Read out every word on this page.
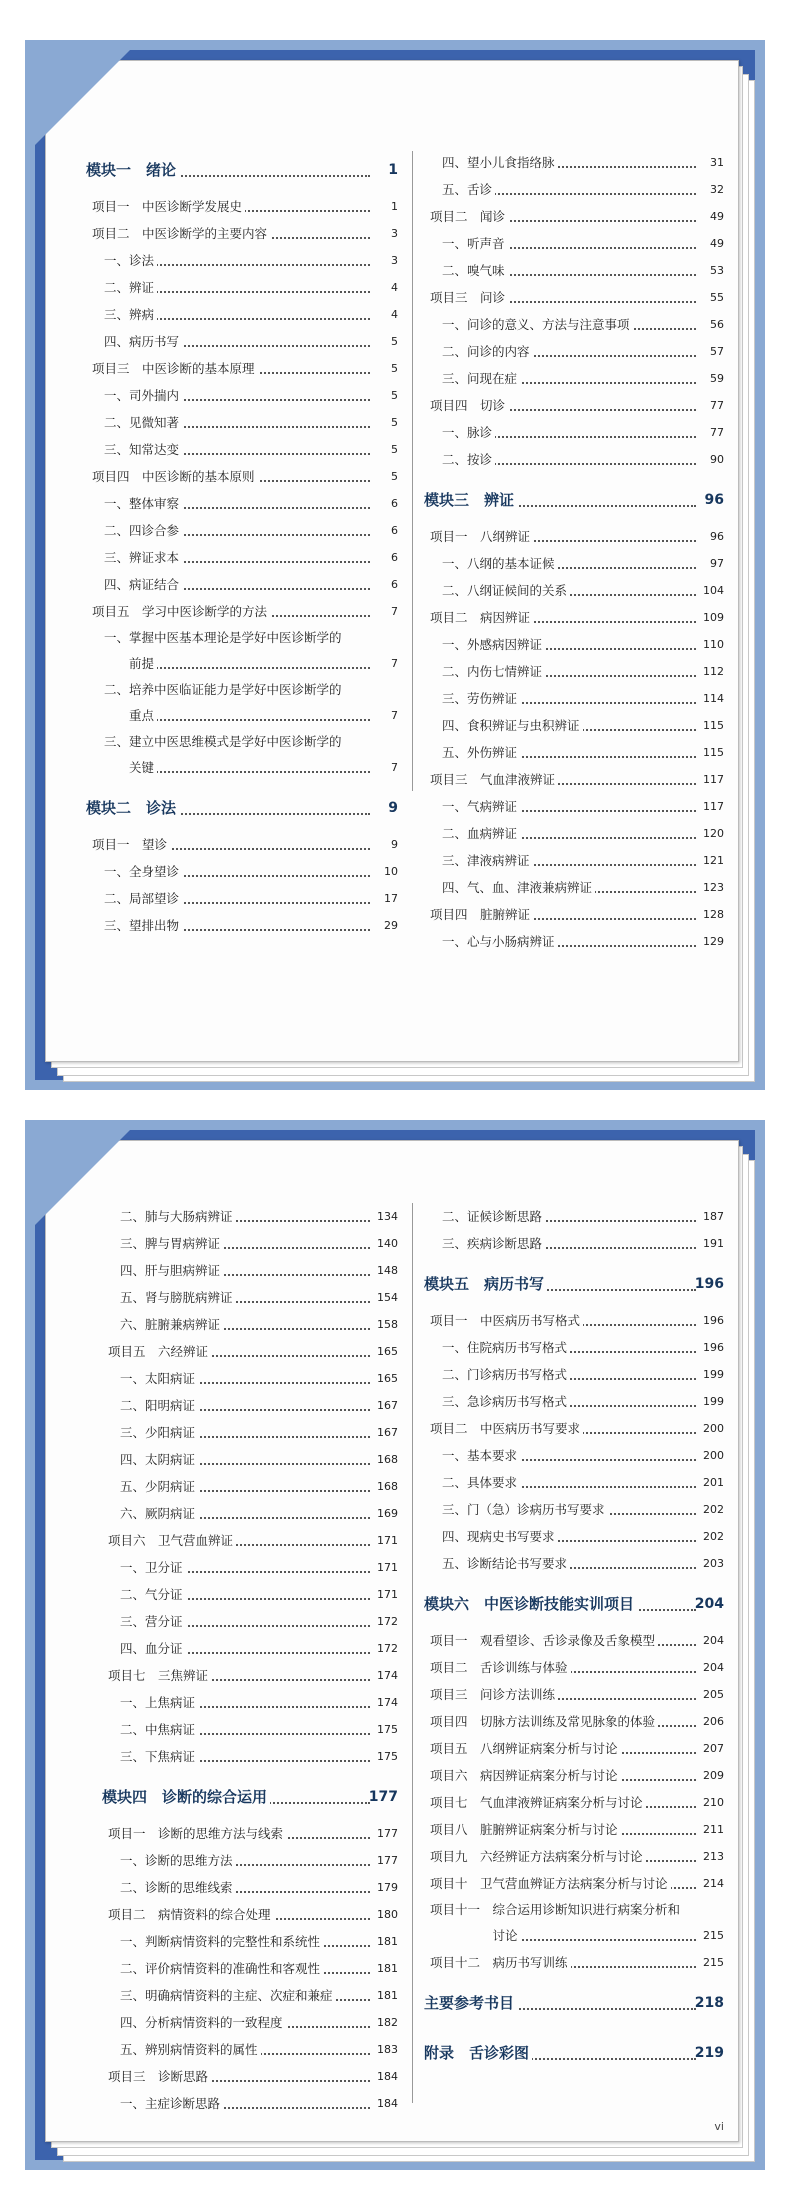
模块一　绪论	1
项目一　中医诊断学发展史	1
项目二　中医诊断学的主要内容	3
一、诊法	3
二、辨证	4
三、辨病	4
四、病历书写	5
项目三　中医诊断的基本原理	5
一、司外揣内	5
二、见微知著	5
三、知常达变	5
项目四　中医诊断的基本原则	5
一、整体审察	6
二、四诊合参	6
三、辨证求本	6
四、病证结合	6
项目五　学习中医诊断学的方法	7
一、掌握中医基本理论是学好中医诊断学的
　　前提	7
二、培养中医临证能力是学好中医诊断学的
　　重点	7
三、建立中医思维模式是学好中医诊断学的
　　关键	7
模块二　诊法	9
项目一　望诊	9
一、全身望诊	10
二、局部望诊	17
三、望排出物	29
四、望小儿食指络脉	31
五、舌诊	32
项目二　闻诊	49
一、听声音	49
二、嗅气味	53
项目三　问诊	55
一、问诊的意义、方法与注意事项	56
二、问诊的内容	57
三、问现在症	59
项目四　切诊	77
一、脉诊	77
二、按诊	90
模块三　辨证	96
项目一　八纲辨证	96
一、八纲的基本证候	97
二、八纲证候间的关系	104
项目二　病因辨证	109
一、外感病因辨证	110
二、内伤七情辨证	112
三、劳伤辨证	114
四、食积辨证与虫积辨证	115
五、外伤辨证	115
项目三　气血津液辨证	117
一、气病辨证	117
二、血病辨证	120
三、津液病辨证	121
四、气、血、津液兼病辨证	123
项目四　脏腑辨证	128
一、心与小肠病辨证	129
二、肺与大肠病辨证	134
三、脾与胃病辨证	140
四、肝与胆病辨证	148
五、肾与膀胱病辨证	154
六、脏腑兼病辨证	158
项目五　六经辨证	165
一、太阳病证	165
二、阳明病证	167
三、少阳病证	167
四、太阴病证	168
五、少阴病证	168
六、厥阴病证	169
项目六　卫气营血辨证	171
一、卫分证	171
二、气分证	171
三、营分证	172
四、血分证	172
项目七　三焦辨证	174
一、上焦病证	174
二、中焦病证	175
三、下焦病证	175
模块四　诊断的综合运用	177
项目一　诊断的思维方法与线索	177
一、诊断的思维方法	177
二、诊断的思维线索	179
项目二　病情资料的综合处理	180
一、判断病情资料的完整性和系统性	181
二、评价病情资料的准确性和客观性	181
三、明确病情资料的主症、次症和兼症	181
四、分析病情资料的一致程度	182
五、辨别病情资料的属性	183
项目三　诊断思路	184
一、主症诊断思路	184
二、证候诊断思路	187
三、疾病诊断思路	191
模块五　病历书写	196
项目一　中医病历书写格式	196
一、住院病历书写格式	196
二、门诊病历书写格式	199
三、急诊病历书写格式	199
项目二　中医病历书写要求	200
一、基本要求	200
二、具体要求	201
三、门（急）诊病历书写要求	202
四、现病史书写要求	202
五、诊断结论书写要求	203
模块六　中医诊断技能实训项目	204
项目一　观看望诊、舌诊录像及舌象模型	204
项目二　舌诊训练与体验	204
项目三　问诊方法训练	205
项目四　切脉方法训练及常见脉象的体验	206
项目五　八纲辨证病案分析与讨论	207
项目六　病因辨证病案分析与讨论	209
项目七　气血津液辨证病案分析与讨论	210
项目八　脏腑辨证病案分析与讨论	211
项目九　六经辨证方法病案分析与讨论	213
项目十　卫气营血辨证方法病案分析与讨论	214
项目十一　综合运用诊断知识进行病案分析和
　　　　　讨论	215
项目十二　病历书写训练	215
主要参考书目	218
附录　舌诊彩图	219
vi
